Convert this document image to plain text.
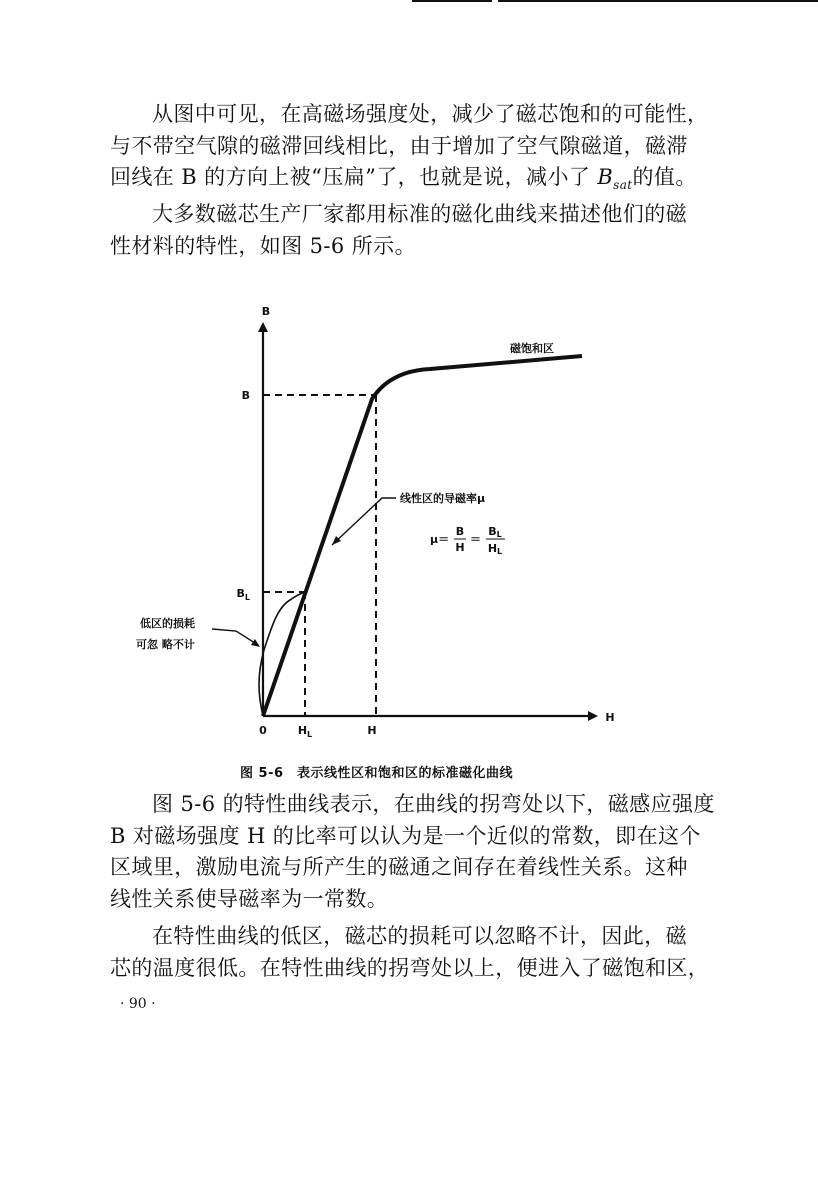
从图中可见，在高磁场强度处，减少了磁芯饱和的可能性，
与不带空气隙的磁滞回线相比，由于增加了空气隙磁道，磁滞
回线在 B 的方向上被“压扁”了，也就是说，减小了 $B_{sat}$的值。
大多数磁芯生产厂家都用标准的磁化曲线来描述他们的磁
性材料的特性，如图 5-6 所示。
B
H
0
B
$B_L$
$H_L$	H
磁饱和区
线性区的导磁率μ
μ＝
B
H
＝
BL
HL
低区的损耗
可忽 略不计
图 5-6　表示线性区和饱和区的标准磁化曲线
图 5-6 的特性曲线表示，在曲线的拐弯处以下，磁感应强度
B 对磁场强度 H 的比率可以认为是一个近似的常数，即在这个
区域里，激励电流与所产生的磁通之间存在着线性关系。这种
线性关系使导磁率为一常数。
在特性曲线的低区，磁芯的损耗可以忽略不计，因此，磁
芯的温度很低。在特性曲线的拐弯处以上，便进入了磁饱和区，
· 90 ·
